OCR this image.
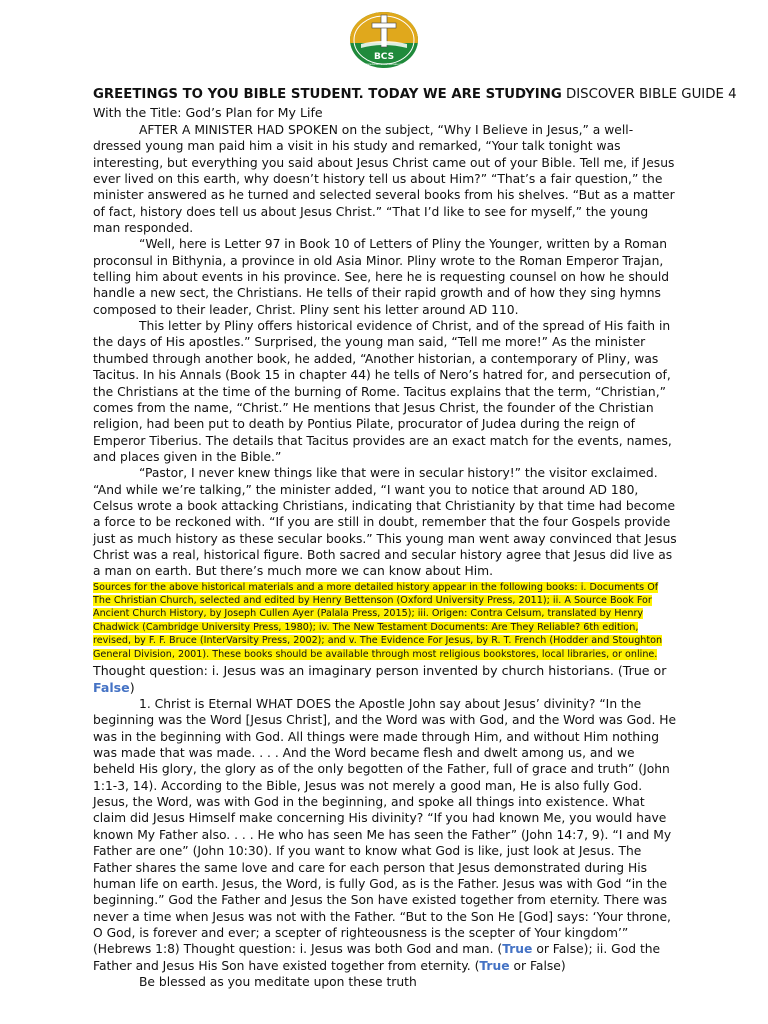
BCS
www.biblecourseshowcase.org

GREETINGS TO YOU BIBLE STUDENT. TODAY WE ARE STUDYING DISCOVER BIBLE GUIDE 4

With the Title: God’s Plan for My Life

AFTER A MINISTER HAD SPOKEN on the subject, “Why I Believe in Jesus,” a well-dressed young man paid him a visit in his study and remarked, “Your talk tonight was interesting, but everything you said about Jesus Christ came out of your Bible. Tell me, if Jesus ever lived on this earth, why doesn’t history tell us about Him?” “That’s a fair question,” the minister answered as he turned and selected several books from his shelves. “But as a matter of fact, history does tell us about Jesus Christ.” “That I’d like to see for myself,” the young man responded.

“Well, here is Letter 97 in Book 10 of Letters of Pliny the Younger, written by a Roman proconsul in Bithynia, a province in old Asia Minor. Pliny wrote to the Roman Emperor Trajan, telling him about events in his province. See, here he is requesting counsel on how he should handle a new sect, the Christians. He tells of their rapid growth and of how they sing hymns composed to their leader, Christ. Pliny sent his letter around AD 110.

This letter by Pliny offers historical evidence of Christ, and of the spread of His faith in the days of His apostles.” Surprised, the young man said, “Tell me more!” As the minister thumbed through another book, he added, “Another historian, a contemporary of Pliny, was Tacitus. In his Annals (Book 15 in chapter 44) he tells of Nero’s hatred for, and persecution of, the Christians at the time of the burning of Rome. Tacitus explains that the term, “Christian,” comes from the name, “Christ.” He mentions that Jesus Christ, the founder of the Christian religion, had been put to death by Pontius Pilate, procurator of Judea during the reign of Emperor Tiberius. The details that Tacitus provides are an exact match for the events, names, and places given in the Bible.”

“Pastor, I never knew things like that were in secular history!” the visitor exclaimed.

“And while we’re talking,” the minister added, “I want you to notice that around AD 180, Celsus wrote a book attacking Christians, indicating that Christianity by that time had become a force to be reckoned with. “If you are still in doubt, remember that the four Gospels provide just as much history as these secular books.” This young man went away convinced that Jesus Christ was a real, historical figure. Both sacred and secular history agree that Jesus did live as a man on earth. But there’s much more we can know about Him.

Sources for the above historical materials and a more detailed history appear in the following books: i. Documents Of The Christian Church, selected and edited by Henry Bettenson (Oxford University Press, 2011); ii. A Source Book For Ancient Church History, by Joseph Cullen Ayer (Palala Press, 2015); iii. Origen: Contra Celsum, translated by Henry Chadwick (Cambridge University Press, 1980); iv. The New Testament Documents: Are They Reliable? 6th edition, revised, by F. F. Bruce (InterVarsity Press, 2002); and v. The Evidence For Jesus, by R. T. French (Hodder and Stoughton General Division, 2001). These books should be available through most religious bookstores, local libraries, or online.

Thought question: i. Jesus was an imaginary person invented by church historians. (True or False)

1. Christ is Eternal WHAT DOES the Apostle John say about Jesus’ divinity? “In the beginning was the Word [Jesus Christ], and the Word was with God, and the Word was God. He was in the beginning with God. All things were made through Him, and without Him nothing was made that was made. . . . And the Word became flesh and dwelt among us, and we beheld His glory, the glory as of the only begotten of the Father, full of grace and truth” (John 1:1-3, 14). According to the Bible, Jesus was not merely a good man, He is also fully God. Jesus, the Word, was with God in the beginning, and spoke all things into existence. What claim did Jesus Himself make concerning His divinity? “If you had known Me, you would have known My Father also. . . . He who has seen Me has seen the Father” (John 14:7, 9). “I and My Father are one” (John 10:30). If you want to know what God is like, just look at Jesus. The Father shares the same love and care for each person that Jesus demonstrated during His human life on earth. Jesus, the Word, is fully God, as is the Father. Jesus was with God “in the beginning.” God the Father and Jesus the Son have existed together from eternity. There was never a time when Jesus was not with the Father. “But to the Son He [God] says: ‘Your throne, O God, is forever and ever; a scepter of righteousness is the scepter of Your kingdom’” (Hebrews 1:8) Thought question: i. Jesus was both God and man. (True or False); ii. God the Father and Jesus His Son have existed together from eternity. (True or False)

Be blessed as you meditate upon these truth
